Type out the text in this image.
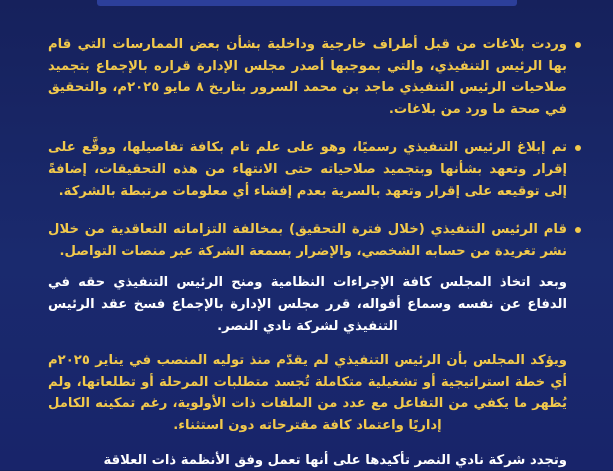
وردت بلاغات من قبل أطراف خارجية وداخلية بشأن بعض الممارسات التي قام بها الرئيس التنفيذي، والتي بموجبها أصدر مجلس الإدارة قراره بالإجماع بتجميد صلاحيات الرئيس التنفيذي ماجد بن محمد السرور بتاريخ ٨ مايو ٢٠٢٥م، والتحقيق في صحة ما ورد من بلاغات.

تم إبلاغ الرئيس التنفيذي رسميًا، وهو على علم تام بكافة تفاصيلها، ووقَّع على إقرار وتعهد بشأنها وبتجميد صلاحياته حتى الانتهاء من هذه التحقيقات، إضافةً إلى توقيعه على إقرار وتعهد بالسرية بعدم إفشاء أي معلومات مرتبطة بالشركة.

قام الرئيس التنفيذي (خلال فترة التحقيق) بمخالفة التزاماته التعاقدية من خلال نشر تغريدة من حسابه الشخصي، والإضرار بسمعة الشركة عبر منصات التواصل.

وبعد اتخاذ المجلس كافة الإجراءات النظامية ومنح الرئيس التنفيذي حقه في الدفاع عن نفسه وسماع أقواله، قرر مجلس الإدارة بالإجماع فسخ عقد الرئيس التنفيذي لشركة نادي النصر.

ويؤكد المجلس بأن الرئيس التنفيذي لم يقدّم منذ توليه المنصب في يناير ٢٠٢٥م أي خطة استراتيجية أو تشغيلية متكاملة تُجسد متطلبات المرحلة أو تطلعاتها، ولم يُظهر ما يكفي من التفاعل مع عدد من الملفات ذات الأولوية، رغم تمكينه الكامل إداريًا واعتماد كافة مقترحاته دون استثناء.

وتجدد شركة نادي النصر تأكيدها على أنها تعمل وفق الأنظمة ذات العلاقة
